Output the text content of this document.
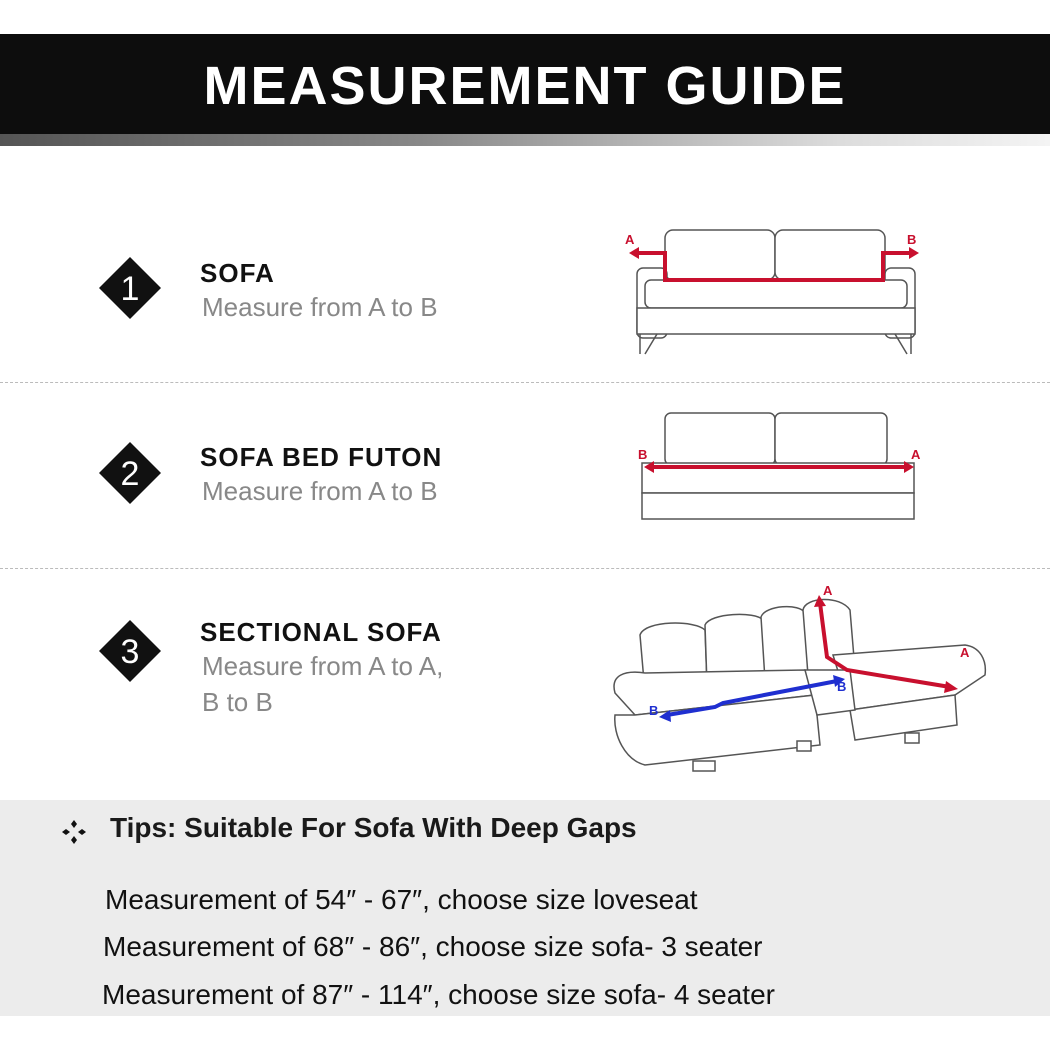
MEASUREMENT GUIDE
1 SOFA
Measure from A to B
A	B
2 SOFA BED FUTON
Measure from A to B
B	A
3
SECTIONAL SOFA
Measure from A to A,
B to B
A
A
B
B
Tips: Suitable For Sofa With Deep Gaps
Measurement of 54″ - 67″, choose size loveseat
Measurement of 68″ - 86″, choose size sofa- 3 seater
Measurement of 87″ - 114″, choose size sofa- 4 seater
